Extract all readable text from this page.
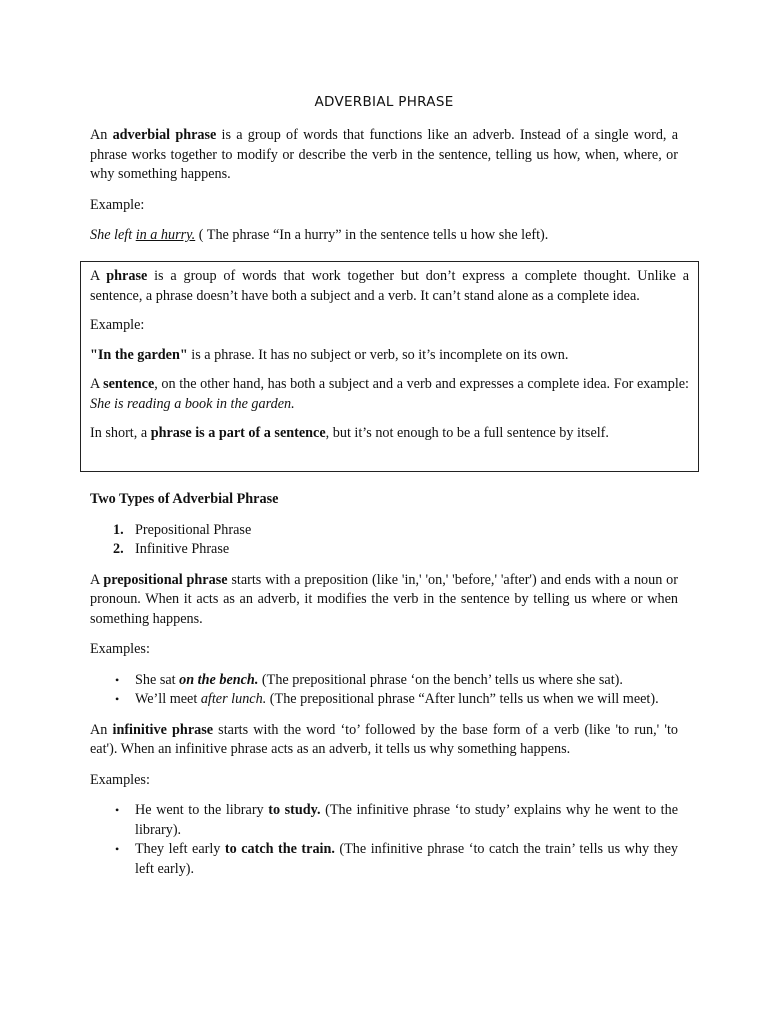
ADVERBIAL PHRASE

An adverbial phrase is a group of words that functions like an adverb. Instead of a single word, a phrase works together to modify or describe the verb in the sentence, telling us how, when, where, or why something happens.

Example:

She left in a hurry. ( The phrase “In a hurry” in the sentence tells u how she left).

A phrase is a group of words that work together but don’t express a complete thought. Unlike a sentence, a phrase doesn’t have both a subject and a verb. It can’t stand alone as a complete idea.

Example:

"In the garden" is a phrase. It has no subject or verb, so it’s incomplete on its own.

A sentence, on the other hand, has both a subject and a verb and expresses a complete idea. For example: She is reading a book in the garden.

In short, a phrase is a part of a sentence, but it’s not enough to be a full sentence by itself.

Two Types of Adverbial Phrase

1. Prepositional Phrase
2. Infinitive Phrase

A prepositional phrase starts with a preposition (like 'in,' 'on,' 'before,' 'after') and ends with a noun or pronoun. When it acts as an adverb, it modifies the verb in the sentence by telling us where or when something happens.

Examples:

• She sat on the bench. (The prepositional phrase ‘on the bench’ tells us where she sat).
• We’ll meet after lunch. (The prepositional phrase “After lunch” tells us when we will meet).

An infinitive phrase starts with the word ‘to’ followed by the base form of a verb (like 'to run,' 'to eat'). When an infinitive phrase acts as an adverb, it tells us why something happens.

Examples:

• He went to the library to study. (The infinitive phrase ‘to study’ explains why he went to the library).
• They left early to catch the train. (The infinitive phrase ‘to catch the train’ tells us why they left early).
